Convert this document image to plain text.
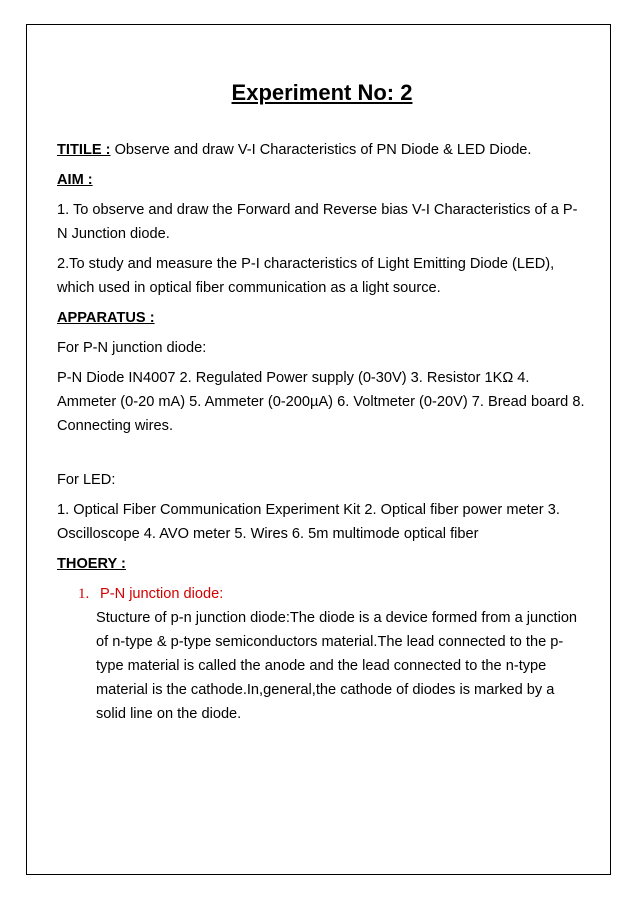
Experiment No: 2

TITILE : Observe and draw V-I Characteristics of PN Diode & LED Diode.

AIM :

1. To observe and draw the Forward and Reverse bias V-I Characteristics of a P-N Junction diode.

2.To study and measure the P-I characteristics of Light Emitting Diode (LED), which used in optical fiber communication as a light source.

APPARATUS :

For P-N junction diode:

P-N Diode IN4007 2. Regulated Power supply (0-30V) 3. Resistor 1KΩ 4. Ammeter (0-20 mA) 5. Ammeter (0-200µA) 6. Voltmeter (0-20V) 7. Bread board 8. Connecting wires.

For LED:

1. Optical Fiber Communication Experiment Kit 2. Optical fiber power meter 3. Oscilloscope 4. AVO meter 5. Wires 6. 5m multimode optical fiber

THOERY :

1. P-N junction diode:
Stucture of p-n junction diode:The diode is a device formed from a junction of n-type & p-type semiconductors material.The lead connected to the p-type material is called the anode and the lead connected to the n-type material is the cathode.In,general,the cathode of diodes is marked by a solid line on the diode.
